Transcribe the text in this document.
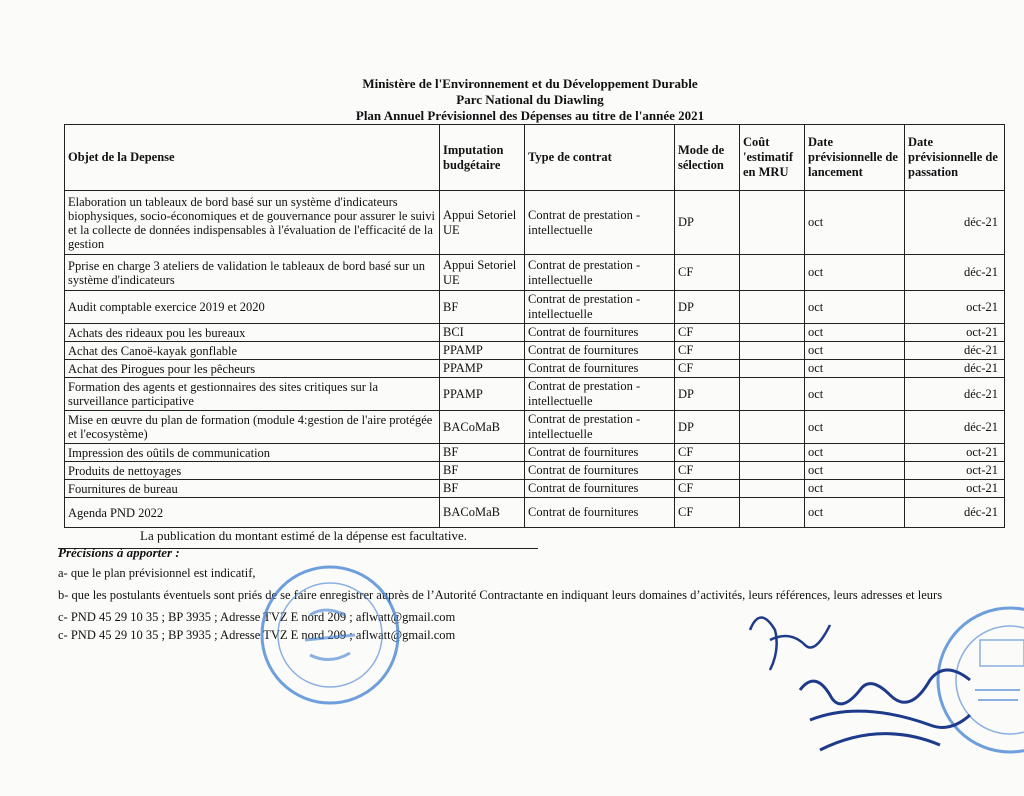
Ministère de l'Environnement et du Développement Durable
Parc National du Diawling
Plan Annuel Prévisionnel des Dépenses au titre de l'année 2021
Objet de la Depense	Imputation budgétaire	Type de contrat	Mode de sélection	Coût 'estimatif en MRU	Date prévisionnelle de lancement	Date prévisionnelle de passation
Elaboration un tableaux de bord basé sur un système d'indicateurs biophysiques, socio-économiques et de gouvernance pour assurer le suivi et la collecte de données indispensables à l'évaluation de l'efficacité de la gestion	Appui Setoriel UE	Contrat de prestation - intellectuelle	DP		oct	déc-21
Pprise en charge 3 ateliers de validation le tableaux de bord basé sur un système d'indicateurs	Appui Setoriel UE	Contrat de prestation - intellectuelle	CF		oct	déc-21
Audit comptable exercice 2019 et 2020	BF	Contrat de prestation - intellectuelle	DP		oct	oct-21
Achats des rideaux pou les bureaux	BCI	Contrat de fournitures	CF		oct	oct-21
Achat des Canoë-kayak gonflable	PPAMP	Contrat de fournitures	CF		oct	déc-21
Achat des Pirogues pour les pêcheurs	PPAMP	Contrat de fournitures	CF		oct	déc-21
Formation des agents et gestionnaires des sites critiques sur la surveillance participative	PPAMP	Contrat de prestation - intellectuelle	DP		oct	déc-21
Mise en œuvre du plan de formation (module 4:gestion de l'aire protégée et l'ecosystème)	BACoMaB	Contrat de prestation - intellectuelle	DP		oct	déc-21
Impression des oûtils de communication	BF	Contrat de fournitures	CF		oct	oct-21
Produits de nettoyages	BF	Contrat de fournitures	CF		oct	oct-21
Fournitures de bureau	BF	Contrat de fournitures	CF		oct	oct-21
Agenda PND 2022	BACoMaB	Contrat de fournitures	CF		oct	déc-21
La publication du montant estimé de la dépense est facultative.
Précisions à apporter :
a- que le plan prévisionnel est indicatif,
b- que les postulants éventuels sont priés de se faire enregistrer auprès de l’Autorité Contractante en indiquant leurs domaines d’activités, leurs références, leurs adresses et leurs
c- PND 45 29 10 35 ; BP 3935 ; Adresse TVZ E nord 209 ; aflwatt@gmail.com
c- PND 45 29 10 35 ; BP 3935 ; Adresse TVZ E nord 209 ; aflwatt@gmail.com
